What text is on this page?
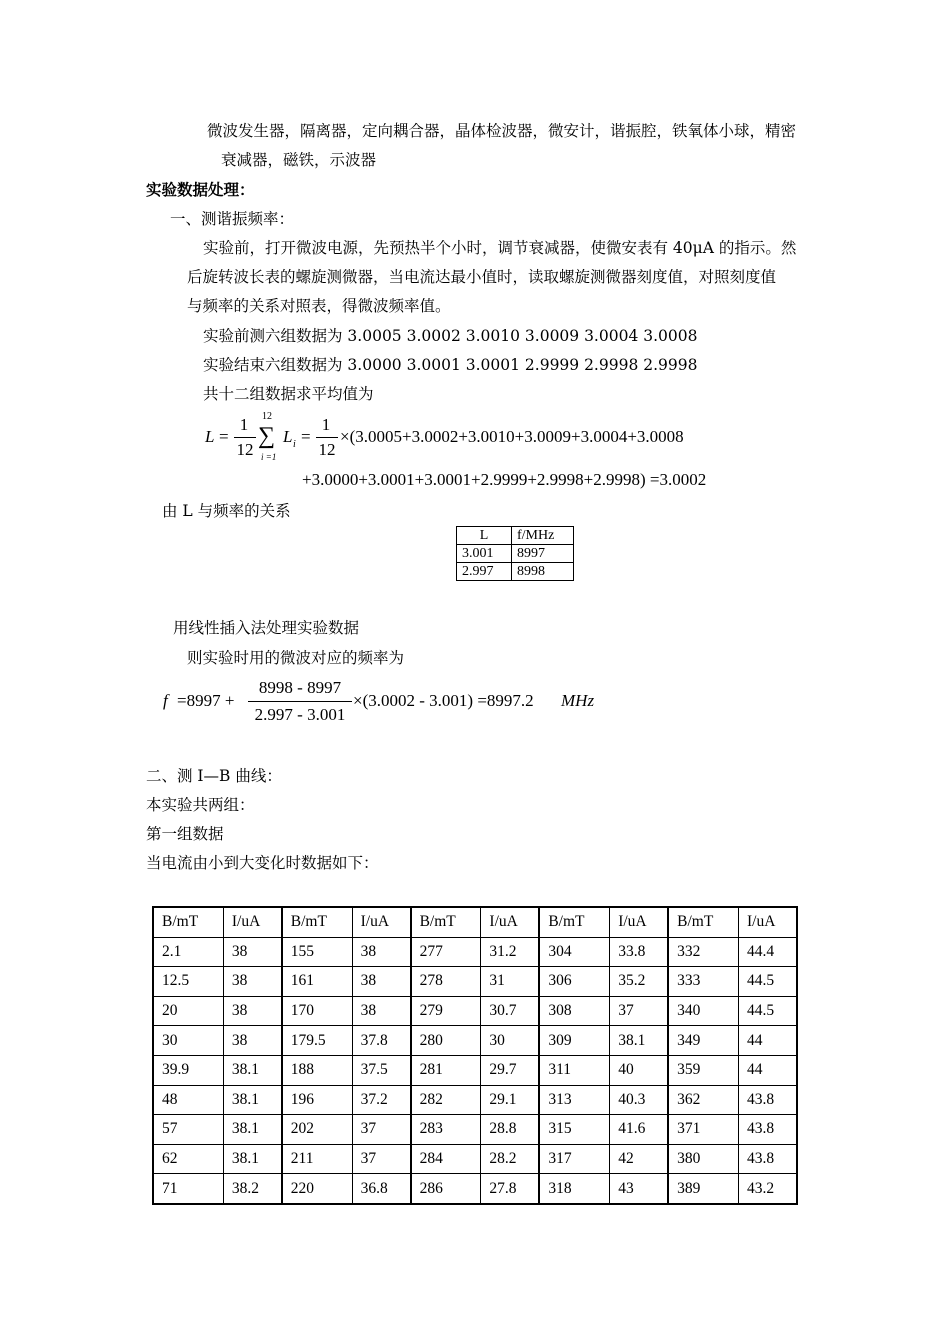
微波发生器，隔离器，定向耦合器，晶体检波器，微安计，谐振腔，铁氧体小球，精密
衰减器，磁铁，示波器
实验数据处理：
一、测谐振频率：
实验前，打开微波电源，先预热半个小时，调节衰减器，使微安表有 40μA 的指示。然
后旋转波长表的螺旋测微器，当电流达最小值时，读取螺旋测微器刻度值，对照刻度值
与频率的关系对照表，得微波频率值。
实验前测六组数据为 3.0005 3.0002 3.0010 3.0009 3.0004 3.0008
实验结束六组数据为 3.0000 3.0001 3.0001 2.9999 2.9998 2.9998
共十二组数据求平均值为
L =
1
12
12
∑
i =1
L i =
1
12
×(3.0005+3.0002+3.0010+3.0009+3.0004+3.0008
+3.0000+3.0001+3.0001+2.9999+2.9998+2.9998) =3.0002
由 L 与频率的关系
L	f/MHz
3.001	8997
2.997	8998
用线性插入法处理实验数据
则实验时用的微波对应的频率为
f =8997 +
8998 - 8997
2.997 - 3.001
×(3.0002 - 3.001) =8997.2 MHz
二、测 I—B 曲线：
本实验共两组：
第一组数据
当电流由小到大变化时数据如下：
B/mT	I/uA	B/mT	I/uA	B/mT	I/uA	B/mT	I/uA	B/mT	I/uA
2.1	38	155	38	277	31.2	304	33.8	332	44.4
12.5	38	161	38	278	31	306	35.2	333	44.5
20	38	170	38	279	30.7	308	37	340	44.5
30	38	179.5	37.8	280	30	309	38.1	349	44
39.9	38.1	188	37.5	281	29.7	311	40	359	44
48	38.1	196	37.2	282	29.1	313	40.3	362	43.8
57	38.1	202	37	283	28.8	315	41.6	371	43.8
62	38.1	211	37	284	28.2	317	42	380	43.8
71	38.2	220	36.8	286	27.8	318	43	389	43.2
